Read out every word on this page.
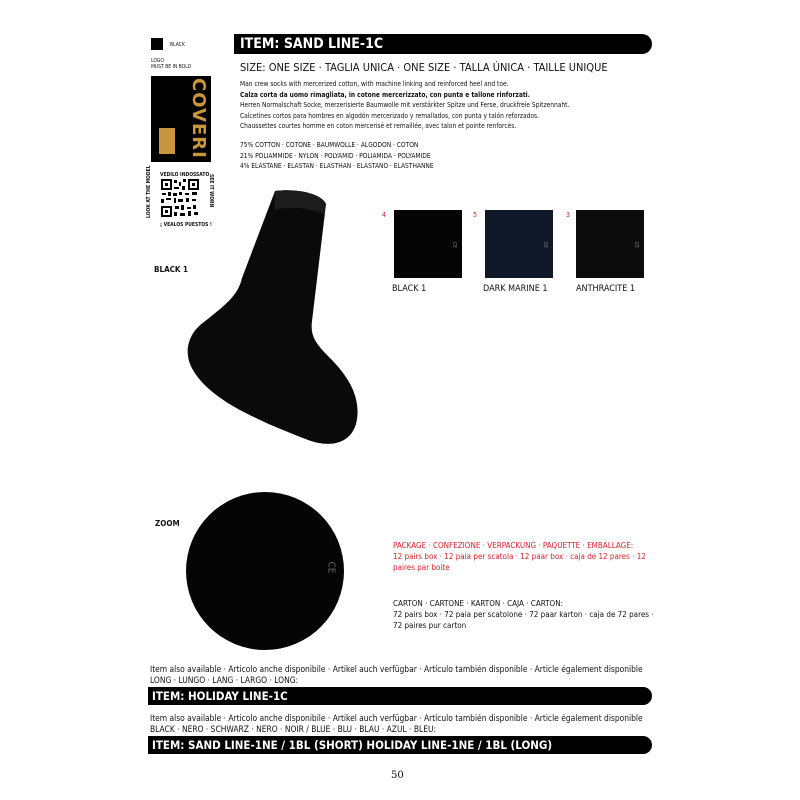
BLACK
LOGO
MUST BE IN BOLD
COVERI
VEDILO INDOSSATO
LOOK AT THE MODEL	SEE IT WORN
¡ VEALOS PUESTOS !
ITEM: SAND LINE-1C
SIZE: ONE SIZE · TAGLIA UNICA · ONE SIZE · TALLA ÚNICA · TAILLE UNIQUE
Man crew socks with mercerized cotton, with machine linking and reinforced heel and toe.
Calza corta da uomo rimagliata, in cotone mercerizzato, con punta e tallone rinforzati.
Herren Normalschaft Socke, merzerisierte Baumwolle mit verstärkter Spitze und Ferse, druckfreie Spitzennaht.
Calcetines cortos para hombres en algodón mercerizado y remallados, con punta y talón reforzados.
Chaussettes courtes homme en coton mercerisé et remaillée, avec talon et pointe renforcés.
75% COTTON · COTONE · BAUMWOLLE · ALGODON · COTON
21% POLIAMMIDE · NYLON · POLYAMID · POLIAMIDA · POLYAMIDE
4% ELASTANE · ELASTAN · ELASTHAN · ELASTANO · ELASTHANNE
BLACK 1
4
CE
BLACK 1
5
CE
DARK MARINE 1
3
CE
ANTHRACITE 1
ZOOM
CE
PACKAGE · CONFEZIONE · VERPACKUNG · PAQUETTE · EMBALLAGE:
12 pairs box · 12 paia per scatola · 12 paar box · caja de 12 pares · 12 paires par boite
CARTON · CARTONE · KARTON · CAJA · CARTON:
72 pairs box · 72 paia per scatolone · 72 paar karton · caja de 72 pares · 72 paires pur carton
Item also available · Articolo anche disponibile · Artikel auch verfügbar · Artículo también disponible · Article également disponible LONG · LUNGO · LANG · LARGO · LONG:
ITEM: HOLIDAY LINE-1C
Item also available · Articolo anche disponibile · Artikel auch verfügbar · Artículo también disponible · Article également disponible BLACK · NERO · SCHWARZ · NERO · NOIR / BLUE · BLU · BLAU · AZUL · BLEU:
ITEM: SAND LINE-1NE / 1BL (SHORT) HOLIDAY LINE-1NE / 1BL (LONG)
50
